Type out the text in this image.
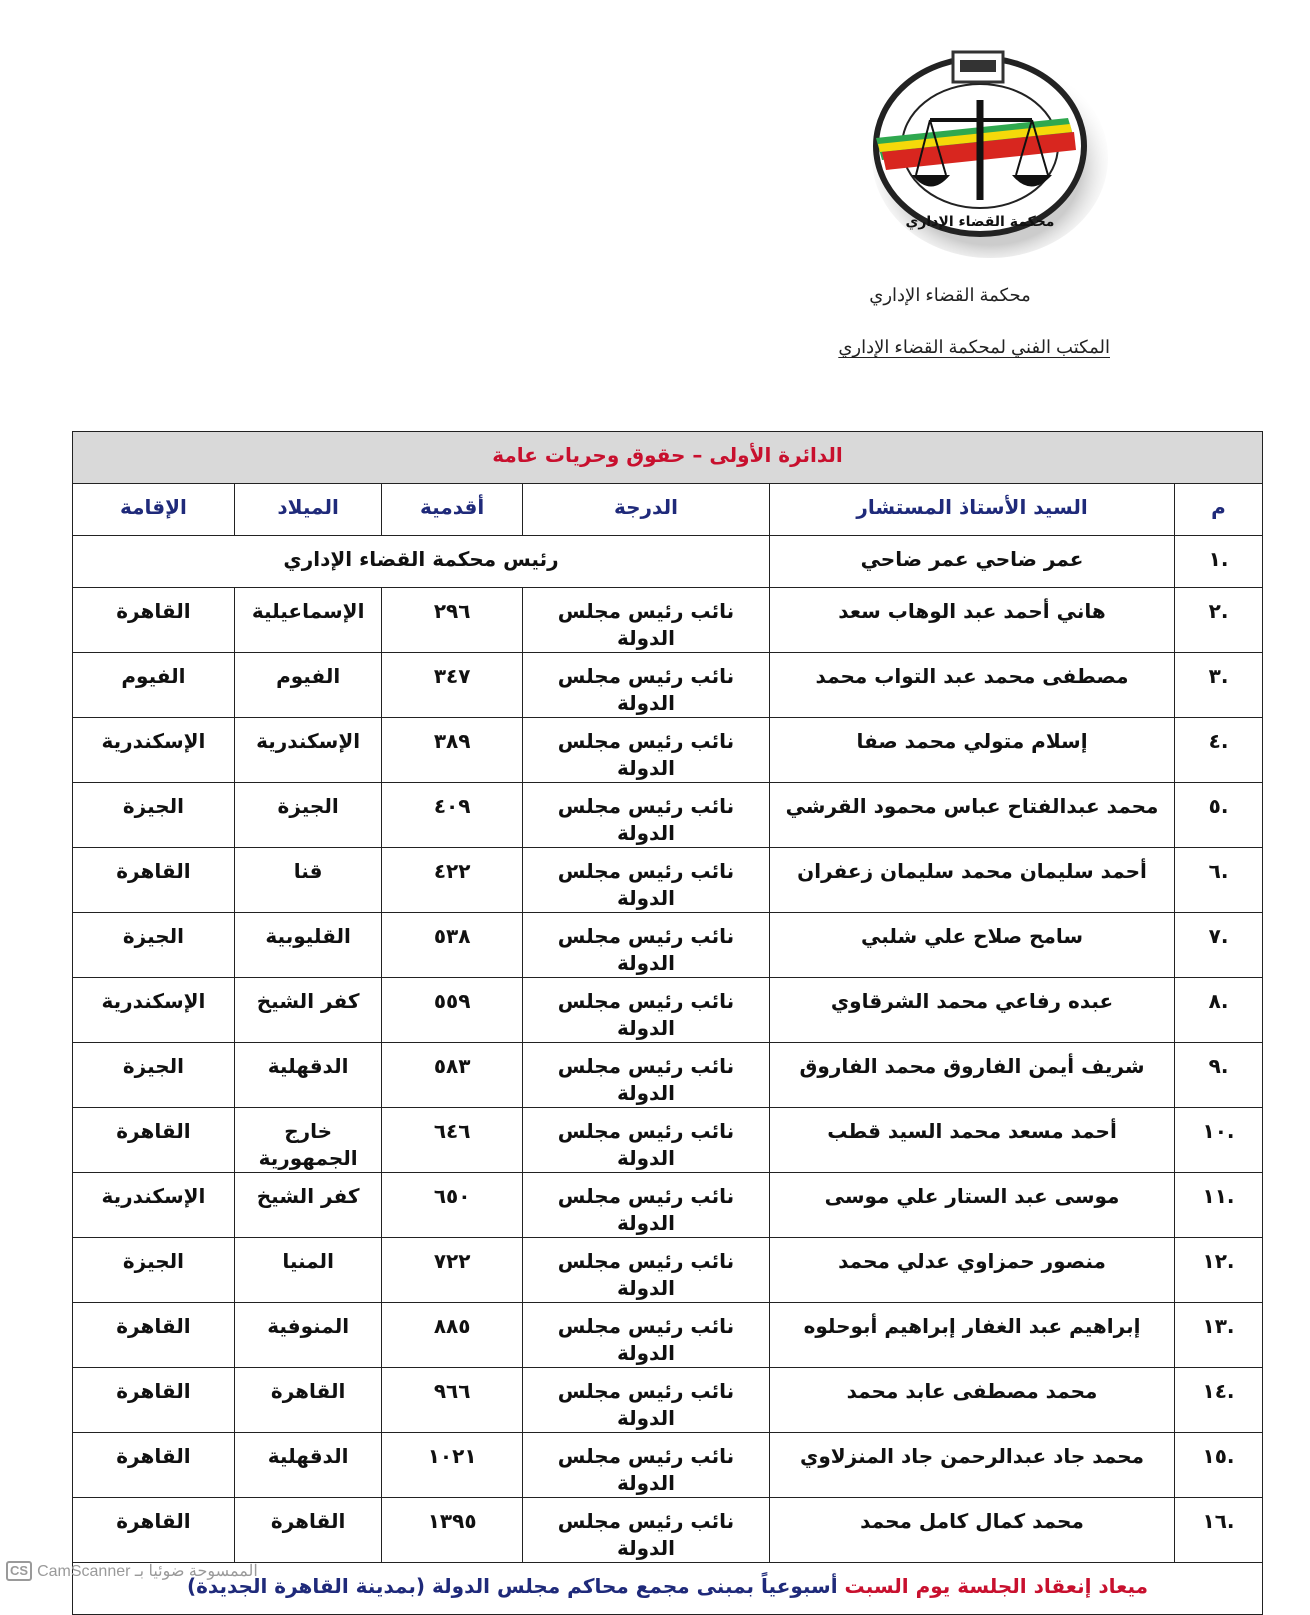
محكمة القضاء الإداري
محكمة القضاء الإداري
المكتب الفني لمحكمة القضاء الإداري
الدائرة الأولى – حقوق وحريات عامة					
م	السيد الأستاذ المستشار	الدرجة	أقدمية	الميلاد	الإقامة
.١	عمر ضاحي عمر ضاحي	رئيس محكمة القضاء الإداري			
.٢	هاني أحمد عبد الوهاب سعد	نائب رئيس مجلس الدولة	٢٩٦	الإسماعيلية	القاهرة
.٣	مصطفى محمد عبد التواب محمد	نائب رئيس مجلس الدولة	٣٤٧	الفيوم	الفيوم
.٤	إسلام متولي محمد صفا	نائب رئيس مجلس الدولة	٣٨٩	الإسكندرية	الإسكندرية
.٥	محمد عبدالفتاح عباس محمود القرشي	نائب رئيس مجلس الدولة	٤٠٩	الجيزة	الجيزة
.٦	أحمد سليمان محمد سليمان زعفران	نائب رئيس مجلس الدولة	٤٢٢	قنا	القاهرة
.٧	سامح صلاح علي شلبي	نائب رئيس مجلس الدولة	٥٣٨	القليوبية	الجيزة
.٨	عبده رفاعي محمد الشرقاوي	نائب رئيس مجلس الدولة	٥٥٩	كفر الشيخ	الإسكندرية
.٩	شريف أيمن الفاروق محمد الفاروق	نائب رئيس مجلس الدولة	٥٨٣	الدقهلية	الجيزة
.١٠	أحمد مسعد محمد السيد قطب	نائب رئيس مجلس الدولة	٦٤٦	خارج الجمهورية	القاهرة
.١١	موسى عبد الستار علي موسى	نائب رئيس مجلس الدولة	٦٥٠	كفر الشيخ	الإسكندرية
.١٢	منصور حمزاوي عدلي محمد	نائب رئيس مجلس الدولة	٧٢٢	المنيا	الجيزة
.١٣	إبراهيم عبد الغفار إبراهيم أبوحلوه	نائب رئيس مجلس الدولة	٨٨٥	المنوفية	القاهرة
.١٤	محمد مصطفى عابد محمد	نائب رئيس مجلس الدولة	٩٦٦	القاهرة	القاهرة
.١٥	محمد جاد عبدالرحمن جاد المنزلاوي	نائب رئيس مجلس الدولة	١٠٢١	الدقهلية	القاهرة
.١٦	محمد كمال كامل محمد	نائب رئيس مجلس الدولة	١٣٩٥	القاهرة	القاهرة
ميعاد إنعقاد الجلسة يوم السبت أسبوعياً بمبنى مجمع محاكم مجلس الدولة (بمدينة القاهرة الجديدة)					
CS CamScanner الممسوحة ضوئيا بـ
